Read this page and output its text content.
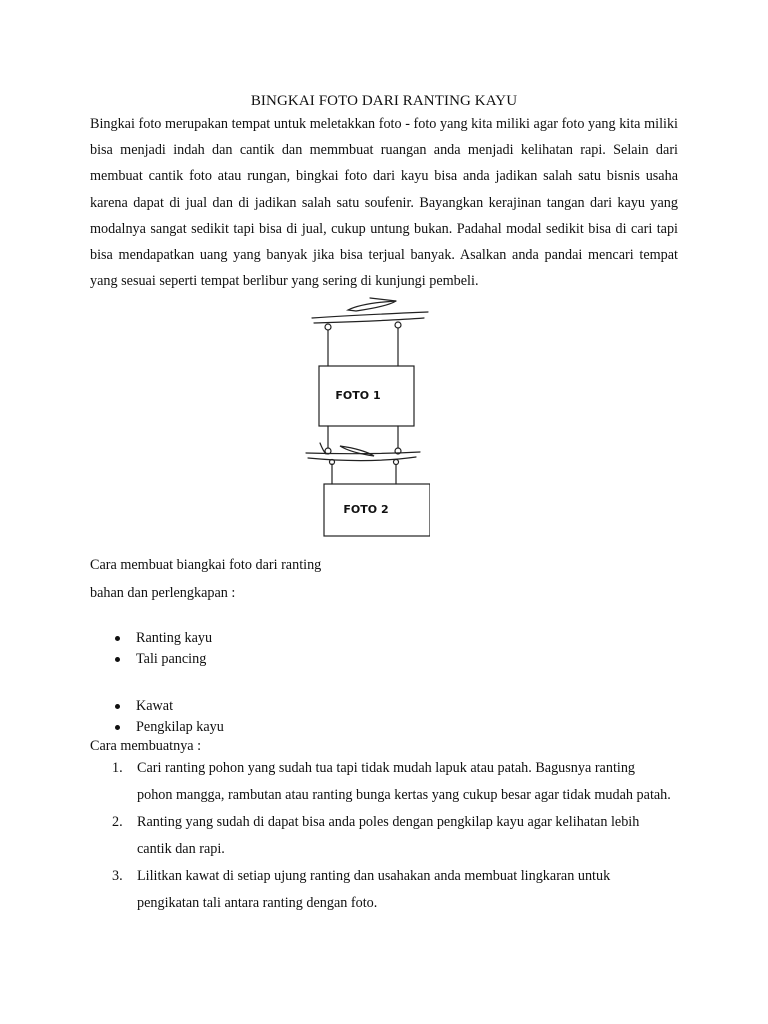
BINGKAI FOTO DARI RANTING KAYU

Bingkai foto merupakan tempat untuk meletakkan foto - foto yang kita miliki agar foto yang kita miliki bisa menjadi indah dan cantik dan memmbuat ruangan anda menjadi kelihatan rapi. Selain dari membuat cantik foto atau rungan, bingkai foto dari kayu bisa anda jadikan salah satu bisnis usaha karena dapat di jual dan di jadikan salah satu soufenir. Bayangkan kerajinan tangan dari kayu yang modalnya sangat sedikit tapi bisa di jual, cukup untung bukan. Padahal modal sedikit bisa di cari tapi bisa mendapatkan uang yang banyak jika bisa terjual banyak. Asalkan anda pandai mencari tempat yang sesuai seperti tempat berlibur yang sering di kunjungi pembeli.

FOTO 1
FOTO 2
Cara membuat biangkai foto dari ranting
bahan dan perlengkapan :
Ranting kayu
Tali pancing
Kawat
Pengkilap kayu
Cara membuatnya :
1. Cari ranting pohon yang sudah tua tapi tidak mudah lapuk atau patah. Bagusnya ranting pohon mangga, rambutan atau ranting bunga kertas yang cukup besar agar tidak mudah patah.
2. Ranting yang sudah di dapat bisa anda poles dengan pengkilap kayu agar kelihatan lebih cantik dan rapi.
3. Lilitkan kawat di setiap ujung ranting dan usahakan anda membuat lingkaran untuk pengikatan tali antara ranting dengan foto.
